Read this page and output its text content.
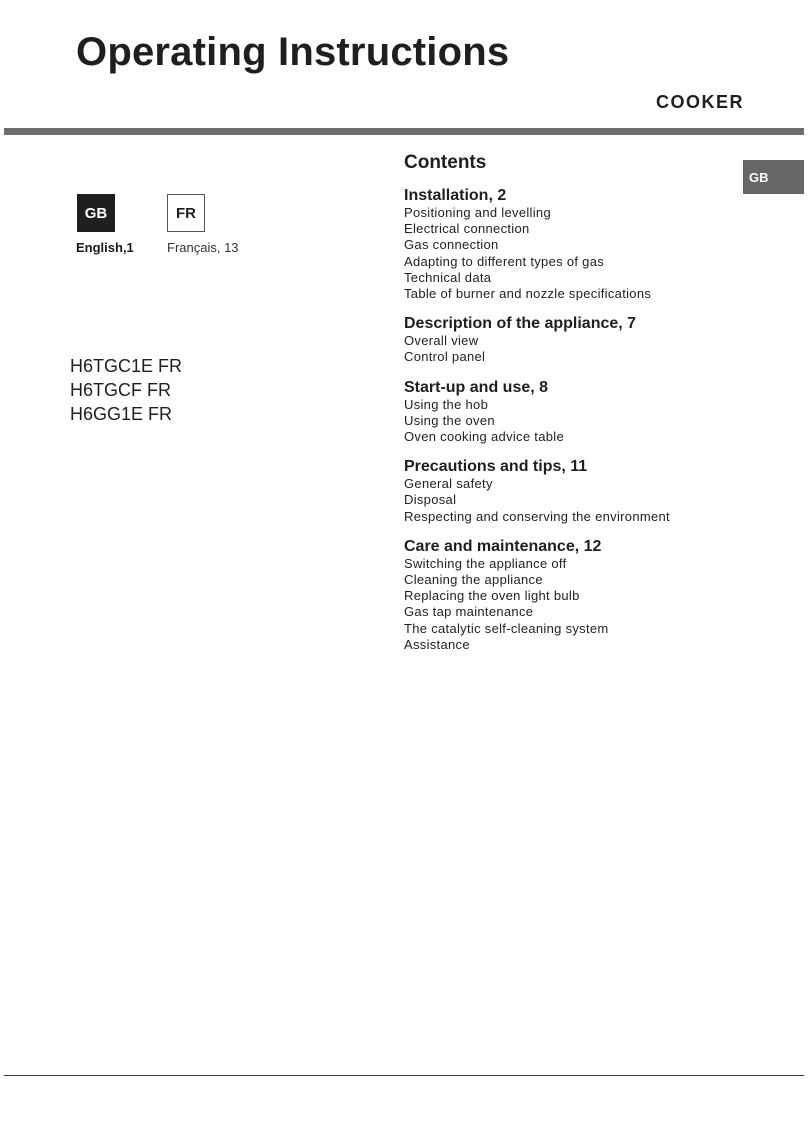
Operating Instructions
COOKER
GB	FR
English,1	Français, 13
H6TGC1E FR
H6TGCF FR
H6GG1E FR
GB
Contents
Installation, 2
Positioning and levelling
Electrical connection
Gas connection
Adapting to different types of gas
Technical data
Table of burner and nozzle specifications
Description of the appliance, 7
Overall view
Control panel
Start-up and use, 8
Using the hob
Using the oven
Oven cooking advice table
Precautions and tips, 11
General safety
Disposal
Respecting and conserving the environment
Care and maintenance, 12
Switching the appliance off
Cleaning the appliance
Replacing the oven light bulb
Gas tap maintenance
The catalytic self-cleaning system
Assistance
